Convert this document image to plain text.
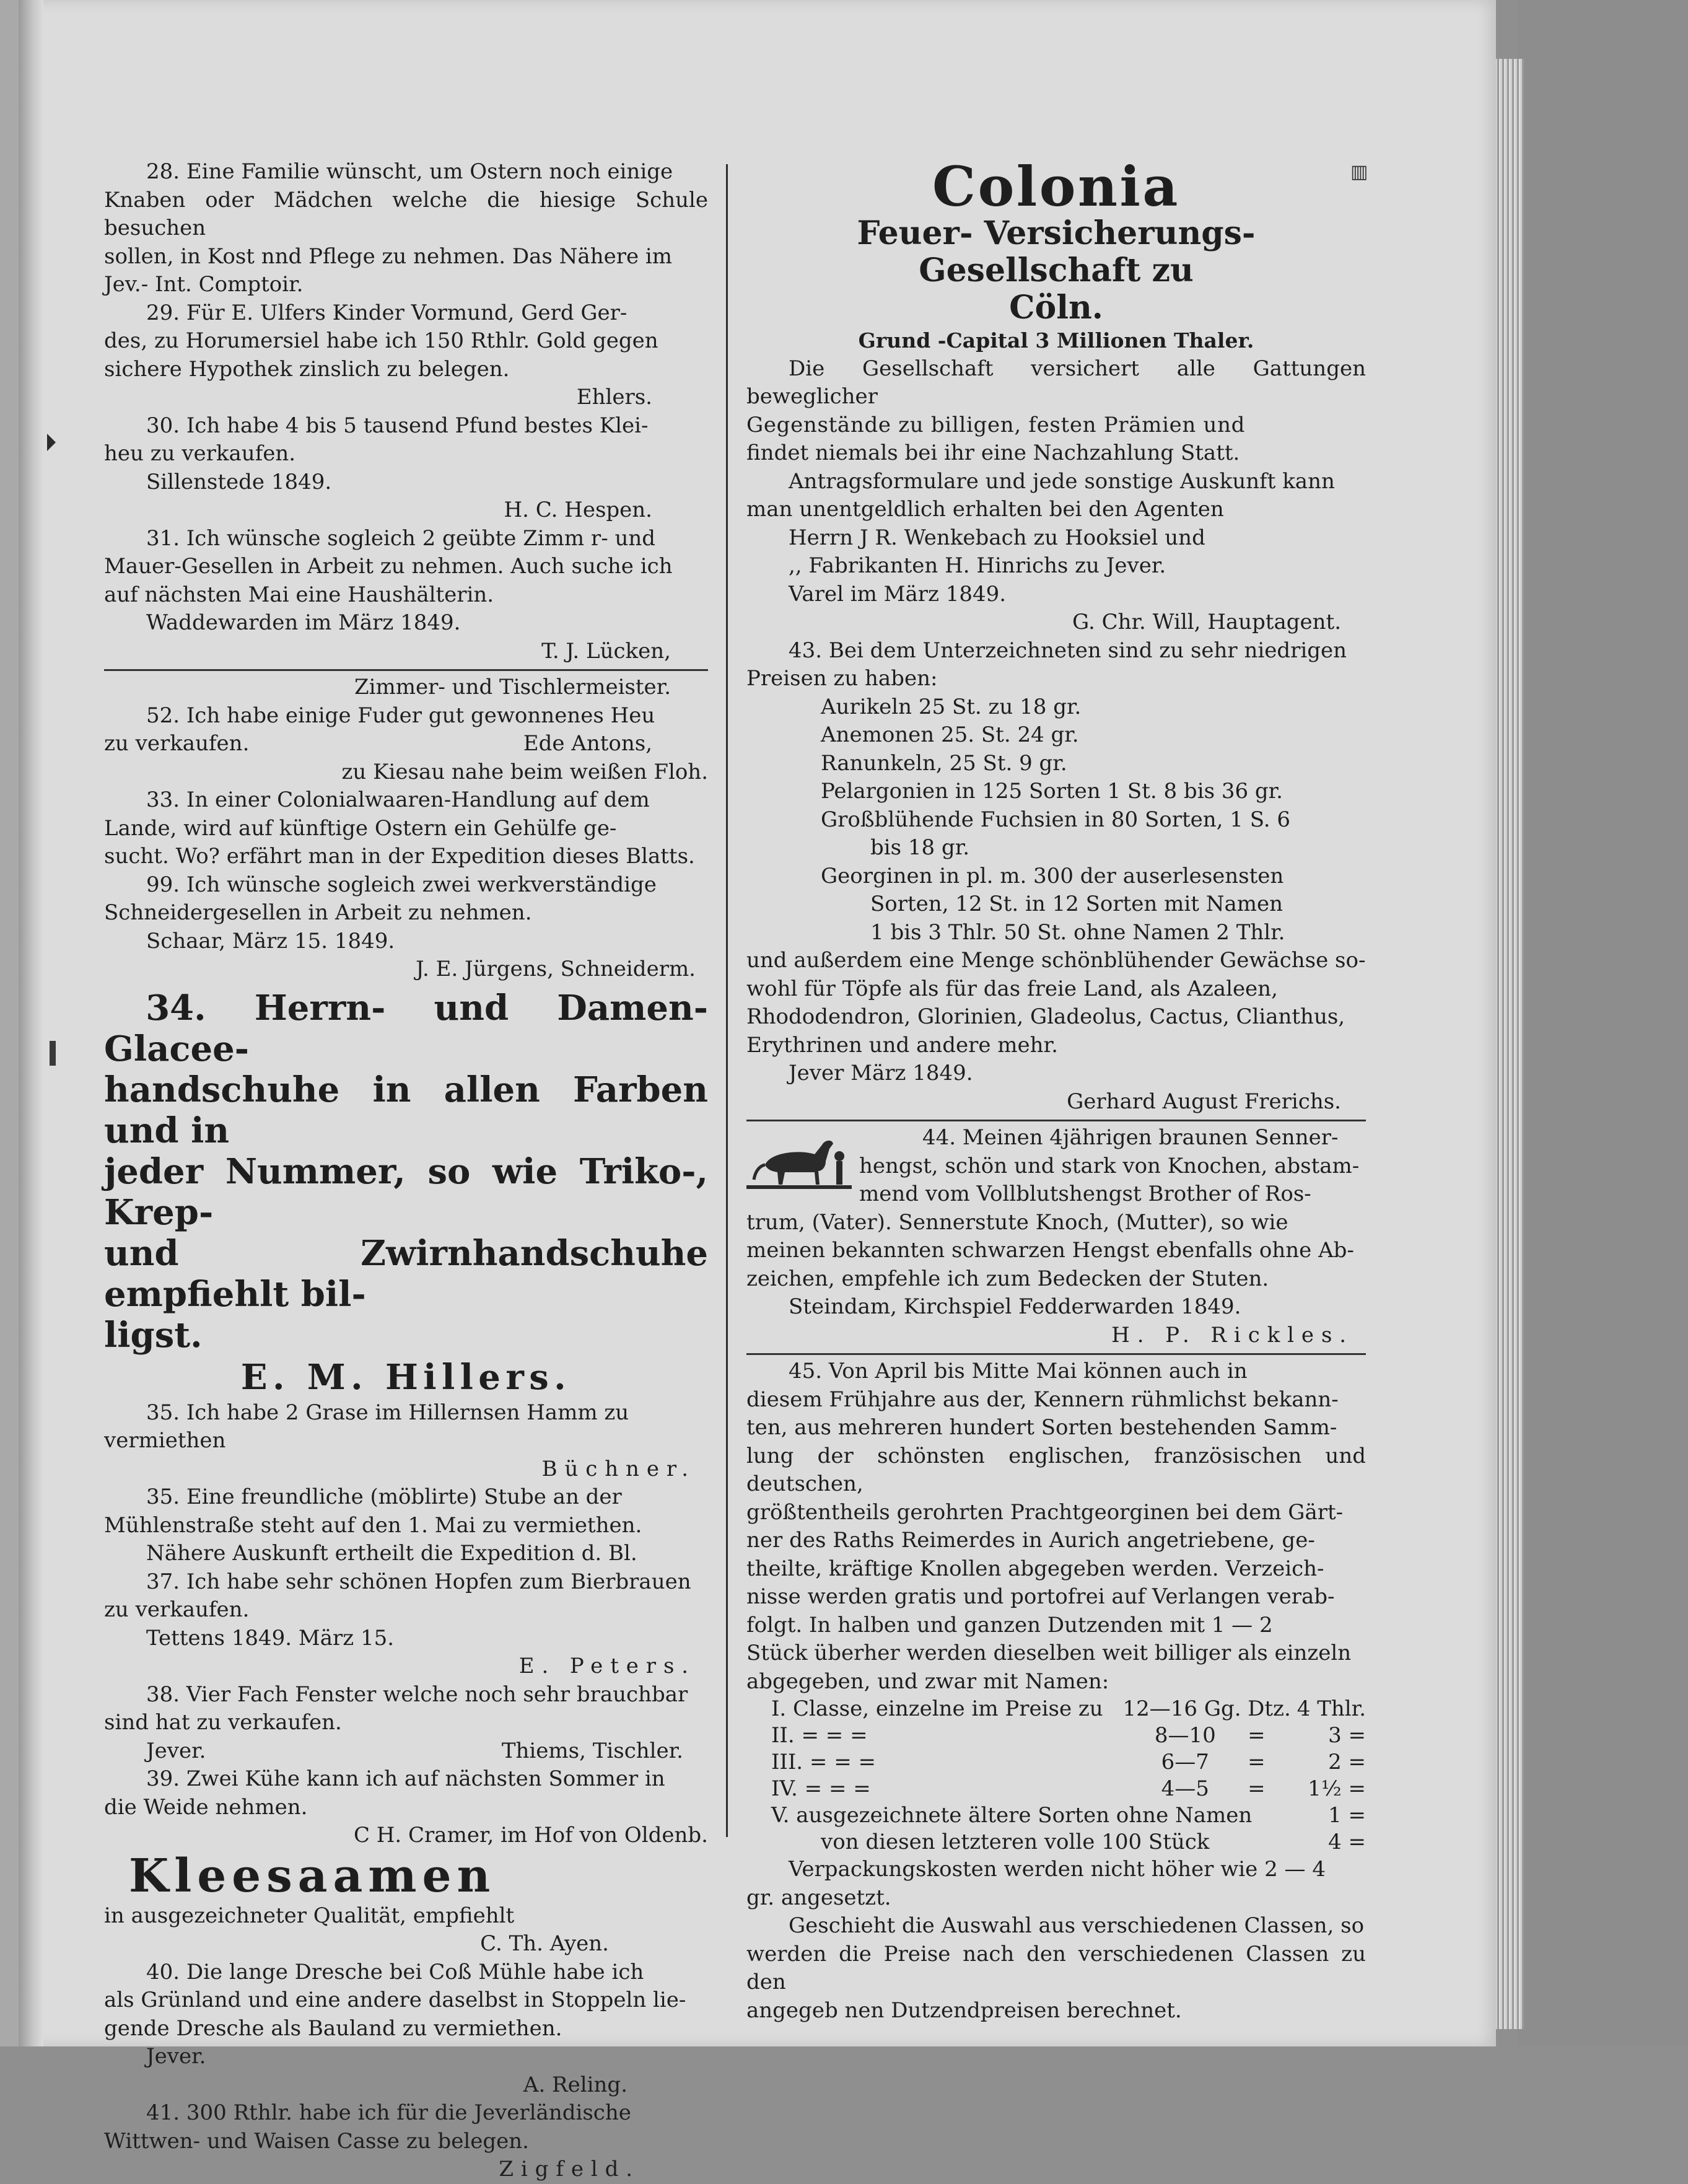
28. Eine Familie wünscht, um Ostern noch einige

Knaben oder Mädchen welche die hiesige Schule besuchen

sollen, in Kost nnd Pflege zu nehmen. Das Nähere im

Jev.- Int. Comptoir.

29. Für E. Ulfers Kinder Vormund, Gerd Ger-

des, zu Horumersiel habe ich 150 Rthlr. Gold gegen

sichere Hypothek zinslich zu belegen.

Ehlers.

30. Ich habe 4 bis 5 tausend Pfund bestes Klei-

heu zu verkaufen.

Sillenstede 1849.

H. C. Hespen.

31. Ich wünsche sogleich 2 geübte Zimm r- und

Mauer-Gesellen in Arbeit zu nehmen. Auch suche ich

auf nächsten Mai eine Haushälterin.

Waddewarden im März 1849.

T. J. Lücken,

Zimmer- und Tischlermeister.

52. Ich habe einige Fuder gut gewonnenes Heu

zu verkaufen.	Ede Antons,

zu Kiesau nahe beim weißen Floh.

33. In einer Colonialwaaren-Handlung auf dem

Lande, wird auf künftige Ostern ein Gehülfe ge-

sucht. Wo? erfährt man in der Expedition dieses Blatts.

99. Ich wünsche sogleich zwei werkverständige

Schneidergesellen in Arbeit zu nehmen.

Schaar, März 15. 1849.

J. E. Jürgens, Schneiderm.

34. Herrn- und Damen- Glacee-

handschuhe in allen Farben und in

jeder Nummer, so wie Triko-, Krep-

und Zwirnhandschuhe empfiehlt bil-

ligst.

E. M. Hillers.

35. Ich habe 2 Grase im Hillernsen Hamm zu

vermiethen

Büchner.

35. Eine freundliche (möblirte) Stube an der

Mühlenstraße steht auf den 1. Mai zu vermiethen.

Nähere Auskunft ertheilt die Expedition d. Bl.

37. Ich habe sehr schönen Hopfen zum Bierbrauen

zu verkaufen.

Tettens 1849. März 15.

E. Peters.

38. Vier Fach Fenster welche noch sehr brauchbar

sind hat zu verkaufen.

Jever.	Thiems, Tischler.

39. Zwei Kühe kann ich auf nächsten Sommer in

die Weide nehmen.

C H. Cramer, im Hof von Oldenb.

Kleesaamen

in ausgezeichneter Qualität, empfiehlt

C. Th. Ayen.

40. Die lange Dresche bei Coß Mühle habe ich

als Grünland und eine andere daselbst in Stoppeln lie-

gende Dresche als Bauland zu vermiethen.

Jever.

A. Reling.

41. 300 Rthlr. habe ich für die Jeverländische

Wittwen- und Waisen Casse zu belegen.

Zigfeld.

▥

Colonia

Feuer- Versicherungs- Gesellschaft zu

Cöln.

Grund -Capital 3 Millionen Thaler.

Die Gesellschaft versichert alle Gattungen beweglicher

Gegenstände zu billigen, festen Prämien und

findet niemals bei ihr eine Nachzahlung Statt.

Antragsformulare und jede sonstige Auskunft kann

man unentgeldlich erhalten bei den Agenten

Herrn J R. Wenkebach zu Hooksiel und

,, Fabrikanten H. Hinrichs zu Jever.

Varel im März 1849.

G. Chr. Will, Hauptagent.

43. Bei dem Unterzeichneten sind zu sehr niedrigen

Preisen zu haben:

Aurikeln 25 St. zu 18 gr.

Anemonen 25. St. 24 gr.

Ranunkeln, 25 St. 9 gr.

Pelargonien in 125 Sorten 1 St. 8 bis 36 gr.

Großblühende Fuchsien in 80 Sorten, 1 S. 6

bis 18 gr.

Georginen in pl. m. 300 der auserlesensten

Sorten, 12 St. in 12 Sorten mit Namen

1 bis 3 Thlr. 50 St. ohne Namen 2 Thlr.

und außerdem eine Menge schönblühender Gewächse so-

wohl für Töpfe als für das freie Land, als Azaleen,

Rhododendron, Glorinien, Gladeolus, Cactus, Clianthus,

Erythrinen und andere mehr.

Jever März 1849.

Gerhard August Frerichs.

44. Meinen 4jährigen braunen Senner-

hengst, schön und stark von Knochen, abstam-

mend vom Vollblutshengst Brother of Ros-

trum, (Vater). Sennerstute Knoch, (Mutter), so wie

meinen bekannten schwarzen Hengst ebenfalls ohne Ab-

zeichen, empfehle ich zum Bedecken der Stuten.

Steindam, Kirchspiel Fedderwarden 1849.

H. P. Rickles.

45. Von April bis Mitte Mai können auch in

diesem Frühjahre aus der, Kennern rühmlichst bekann-

ten, aus mehreren hundert Sorten bestehenden Samm-

lung der schönsten englischen, französischen und deutschen,

größtentheils gerohrten Prachtgeorginen bei dem Gärt-

ner des Raths Reimerdes in Aurich angetriebene, ge-

theilte, kräftige Knollen abgegeben werden. Verzeich-

nisse werden gratis und portofrei auf Verlangen verab-

folgt. In halben und ganzen Dutzenden mit 1 — 2

Stück überher werden dieselben weit billiger als einzeln

abgegeben, und zwar mit Namen:

I. Classe, einzelne im Preise zu	12—16 Gg.	Dtz.	4 Thlr.
II. = = =	8—10	=	3 =
III. = = =	6—7	=	2 =
IV. = = =	4—5	=	1½ =
V. ausgezeichnete ältere Sorten ohne Namen			1 =
von diesen letzteren volle 100 Stück			4 =

Verpackungskosten werden nicht höher wie 2 — 4

gr. angesetzt.

Geschieht die Auswahl aus verschiedenen Classen, so

werden die Preise nach den verschiedenen Classen zu den

angegeb nen Dutzendpreisen berechnet.
